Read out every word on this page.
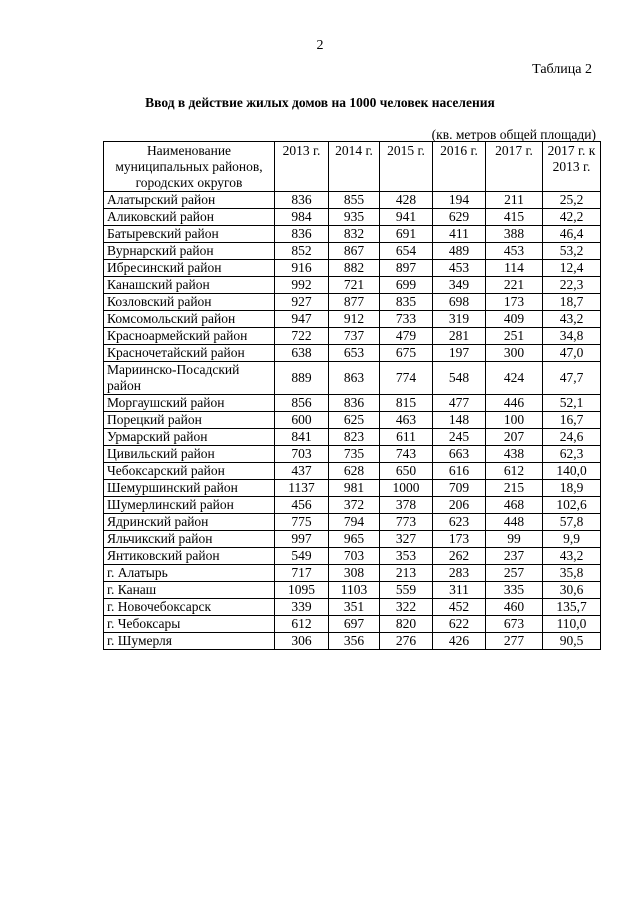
2
Таблица 2
Ввод в действие жилых домов на 1000 человек населения
(кв. метров общей площади)
Наименование муниципальных районов, городских округов	2013 г.	2014 г.	2015 г.	2016 г.	2017 г.	2017 г. к 2013 г.
Алатырский район	836	855	428	194	211	25,2
Аликовский район	984	935	941	629	415	42,2
Батыревский район	836	832	691	411	388	46,4
Вурнарский район	852	867	654	489	453	53,2
Ибресинский район	916	882	897	453	114	12,4
Канашский район	992	721	699	349	221	22,3
Козловский район	927	877	835	698	173	18,7
Комсомольский район	947	912	733	319	409	43,2
Красноармейский район	722	737	479	281	251	34,8
Красночетайский район	638	653	675	197	300	47,0
Мариинско-Посадский район	889	863	774	548	424	47,7
Моргаушский район	856	836	815	477	446	52,1
Порецкий район	600	625	463	148	100	16,7
Урмарский район	841	823	611	245	207	24,6
Цивильский район	703	735	743	663	438	62,3
Чебоксарский район	437	628	650	616	612	140,0
Шемуршинский район	1137	981	1000	709	215	18,9
Шумерлинский район	456	372	378	206	468	102,6
Ядринский район	775	794	773	623	448	57,8
Яльчикский район	997	965	327	173	99	9,9
Янтиковский район	549	703	353	262	237	43,2
г. Алатырь	717	308	213	283	257	35,8
г. Канаш	1095	1103	559	311	335	30,6
г. Новочебоксарск	339	351	322	452	460	135,7
г. Чебоксары	612	697	820	622	673	110,0
г. Шумерля	306	356	276	426	277	90,5
